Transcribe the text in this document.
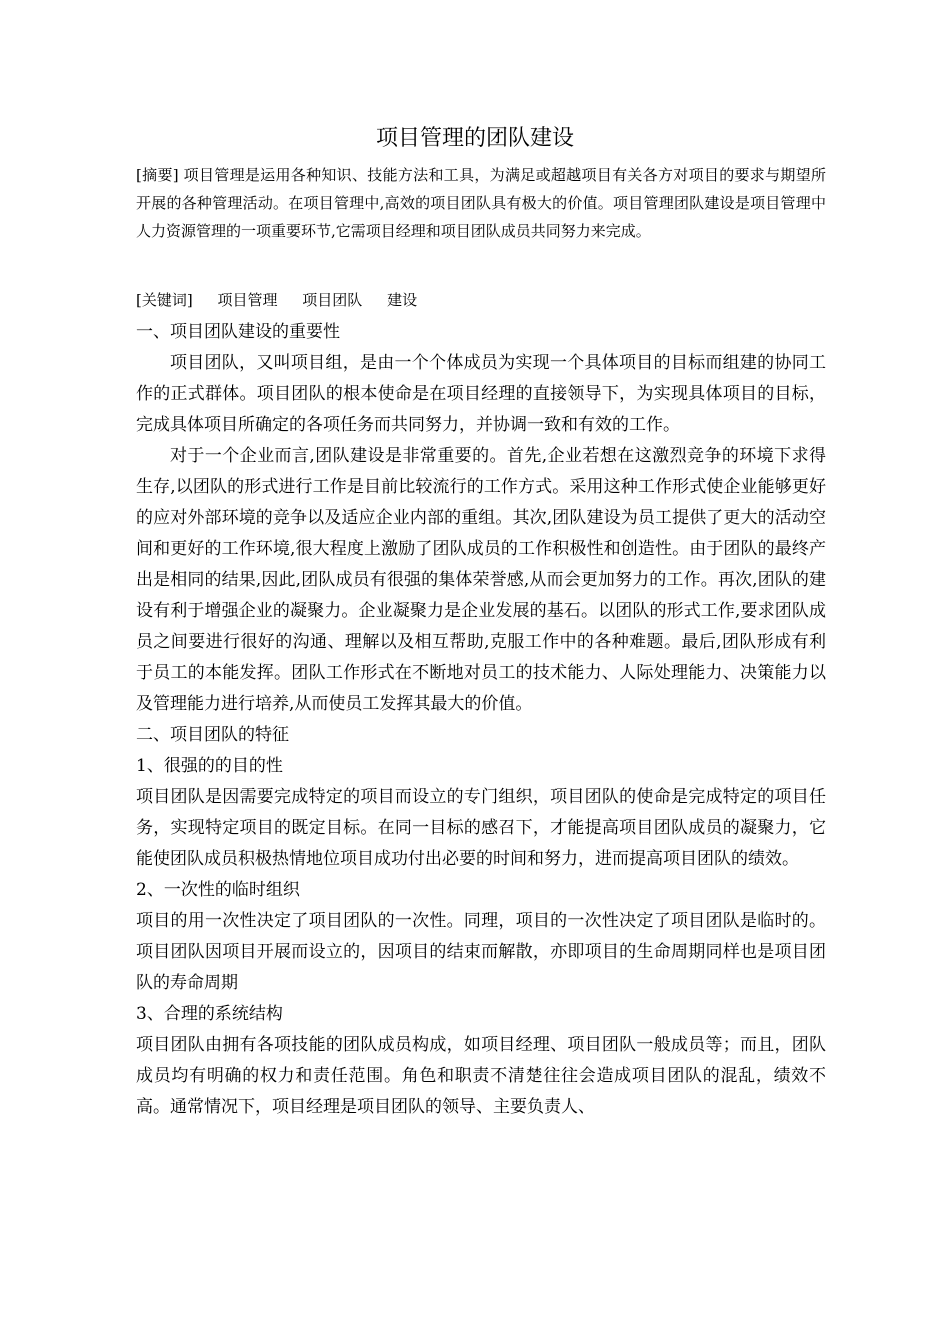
项目管理的团队建设
[摘要] 项目管理是运用各种知识、技能方法和工具，为满足或超越项目有关各方对项目的要求与期望所开展的各种管理活动。在项目管理中,高效的项目团队具有极大的价值。项目管理团队建设是项目管理中人力资源管理的一项重要环节,它需项目经理和项目团队成员共同努力来完成。
[关键词] 项目管理 项目团队 建设

一、项目团队建设的重要性

项目团队，又叫项目组，是由一个个体成员为实现一个具体项目的目标而组建的协同工作的正式群体。项目团队的根本使命是在项目经理的直接领导下，为实现具体项目的目标，完成具体项目所确定的各项任务而共同努力，并协调一致和有效的工作。

对于一个企业而言,团队建设是非常重要的。首先,企业若想在这激烈竞争的环境下求得生存,以团队的形式进行工作是目前比较流行的工作方式。采用这种工作形式使企业能够更好的应对外部环境的竞争以及适应企业内部的重组。其次,团队建设为员工提供了更大的活动空间和更好的工作环境,很大程度上激励了团队成员的工作积极性和创造性。由于团队的最终产出是相同的结果,因此,团队成员有很强的集体荣誉感,从而会更加努力的工作。再次,团队的建设有利于增强企业的凝聚力。企业凝聚力是企业发展的基石。以团队的形式工作,要求团队成员之间要进行很好的沟通、理解以及相互帮助,克服工作中的各种难题。最后,团队形成有利于员工的本能发挥。团队工作形式在不断地对员工的技术能力、人际处理能力、决策能力以及管理能力进行培养,从而使员工发挥其最大的价值。

二、项目团队的特征

1、很强的的目的性

项目团队是因需要完成特定的项目而设立的专门组织，项目团队的使命是完成特定的项目任务，实现特定项目的既定目标。在同一目标的感召下，才能提高项目团队成员的凝聚力，它能使团队成员积极热情地位项目成功付出必要的时间和努力，进而提高项目团队的绩效。

2、一次性的临时组织

项目的用一次性决定了项目团队的一次性。同理，项目的一次性决定了项目团队是临时的。项目团队因项目开展而设立的，因项目的结束而解散，亦即项目的生命周期同样也是项目团队的寿命周期

3、合理的系统结构

项目团队由拥有各项技能的团队成员构成，如项目经理、项目团队一般成员等；而且，团队成员均有明确的权力和责任范围。角色和职责不清楚往往会造成项目团队的混乱，绩效不高。通常情况下，项目经理是项目团队的领导、主要负责人、
